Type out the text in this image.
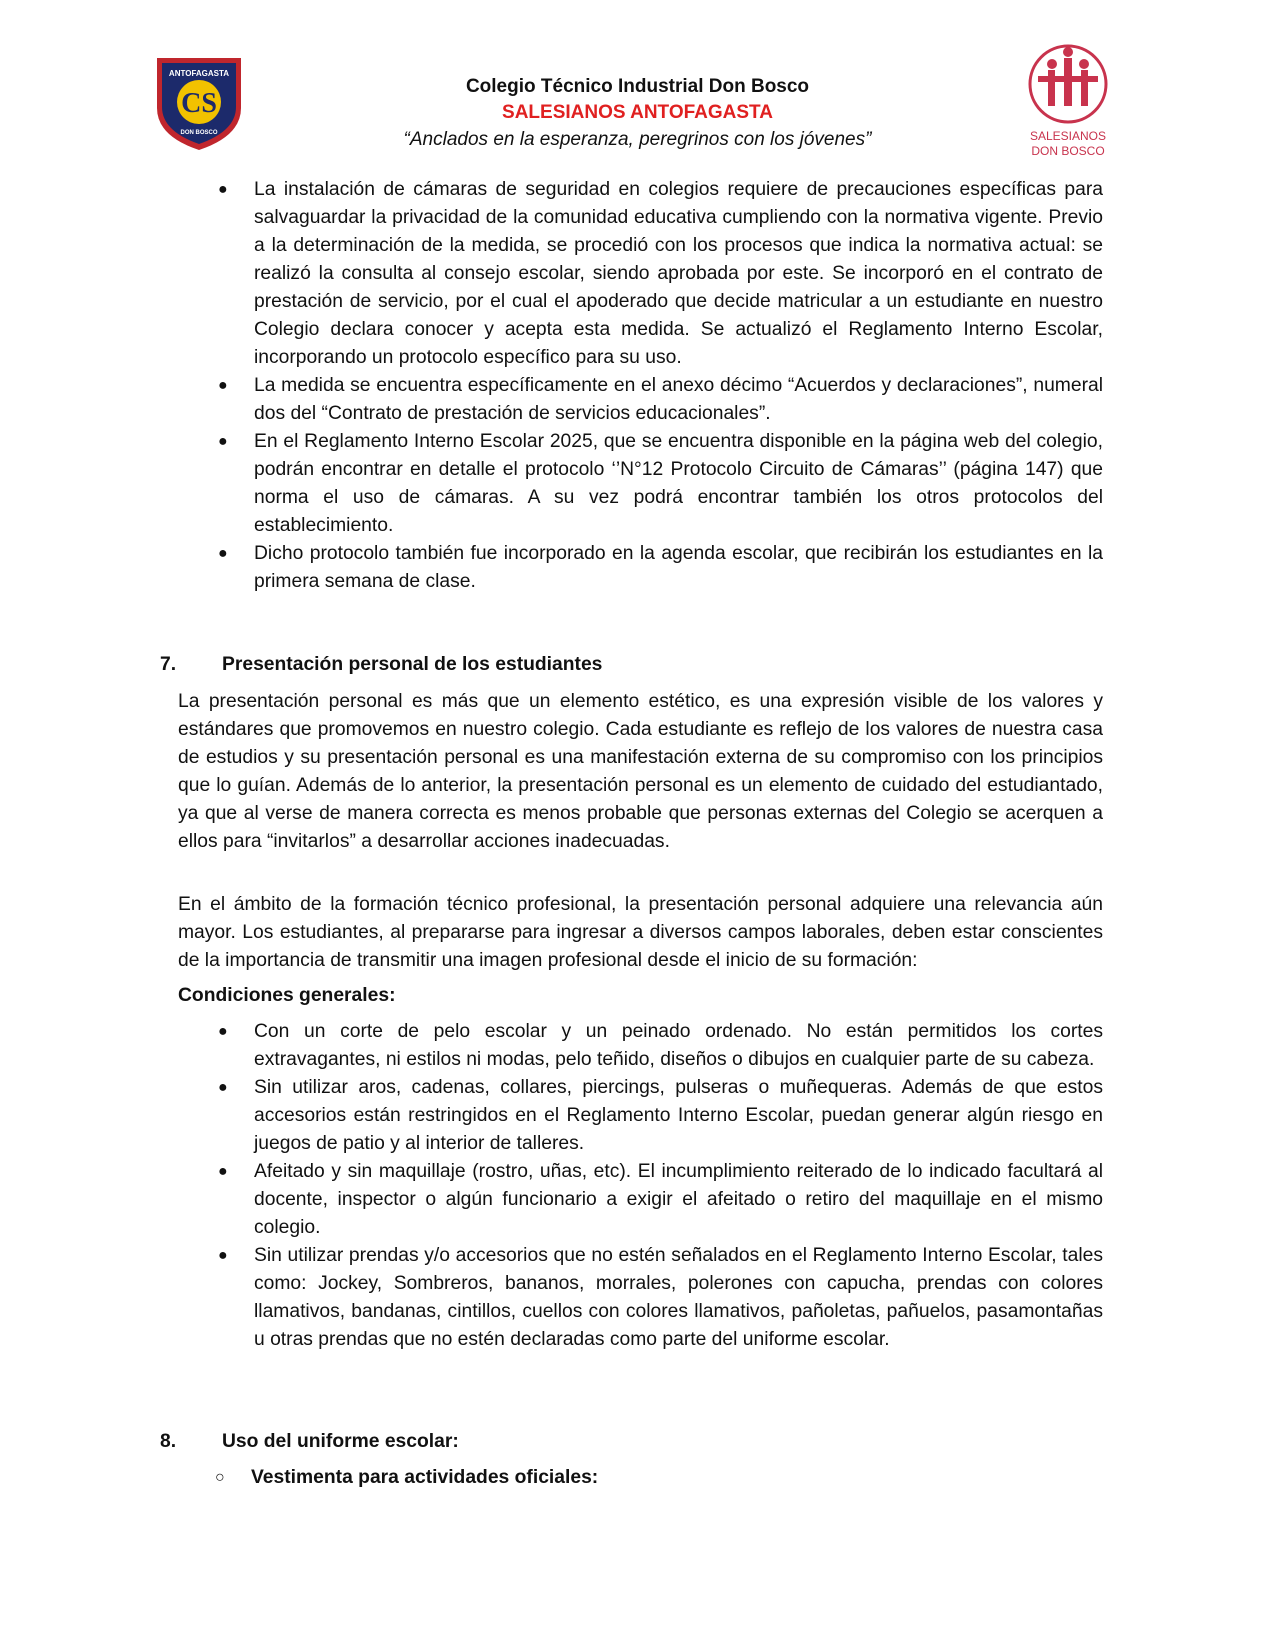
ANTOFAGASTA
CS
DON BOSCO
Colegio Técnico Industrial Don Bosco
SALESIANOS ANTOFAGASTA
“Anclados en la esperanza, peregrinos con los jóvenes”	SALESIANOS
DON BOSCO
●	La instalación de cámaras de seguridad en colegios requiere de precauciones específicas para salvaguardar la privacidad de la comunidad educativa cumpliendo con la normativa vigente. Previo a la determinación de la medida, se procedió con los procesos que indica la normativa actual: se realizó la consulta al consejo escolar, siendo aprobada por este. Se incorporó en el contrato de prestación de servicio, por el cual el apoderado que decide matricular a un estudiante en nuestro Colegio declara conocer y acepta esta medida. Se actualizó el Reglamento Interno Escolar, incorporando un protocolo específico para su uso.
●	La medida se encuentra específicamente en el anexo décimo “Acuerdos y declaraciones”, numeral dos del “Contrato de prestación de servicios educacionales”.
●	En el Reglamento Interno Escolar 2025, que se encuentra disponible en la página web del colegio, podrán encontrar en detalle el protocolo ‘’N°12 Protocolo Circuito de Cámaras’’ (página 147) que norma el uso de cámaras. A su vez podrá encontrar también los otros protocolos del establecimiento.
●	Dicho protocolo también fue incorporado en la agenda escolar, que recibirán los estudiantes en la primera semana de clase.
7. Presentación personal de los estudiantes
La presentación personal es más que un elemento estético, es una expresión visible de los valores y estándares que promovemos en nuestro colegio. Cada estudiante es reflejo de los valores de nuestra casa de estudios y su presentación personal es una manifestación externa de su compromiso con los principios que lo guían. Además de lo anterior, la presentación personal es un elemento de cuidado del estudiantado, ya que al verse de manera correcta es menos probable que personas externas del Colegio se acerquen a ellos para “invitarlos” a desarrollar acciones inadecuadas.
En el ámbito de la formación técnico profesional, la presentación personal adquiere una relevancia aún mayor. Los estudiantes, al prepararse para ingresar a diversos campos laborales, deben estar conscientes de la importancia de transmitir una imagen profesional desde el inicio de su formación:
Condiciones generales:
●	Con un corte de pelo escolar y un peinado ordenado. No están permitidos los cortes extravagantes, ni estilos ni modas, pelo teñido, diseños o dibujos en cualquier parte de su cabeza.
●	Sin utilizar aros, cadenas, collares, piercings, pulseras o muñequeras. Además de que estos accesorios están restringidos en el Reglamento Interno Escolar, puedan generar algún riesgo en juegos de patio y al interior de talleres.
●	Afeitado y sin maquillaje (rostro, uñas, etc). El incumplimiento reiterado de lo indicado facultará al docente, inspector o algún funcionario a exigir el afeitado o retiro del maquillaje en el mismo colegio.
●	Sin utilizar prendas y/o accesorios que no estén señalados en el Reglamento Interno Escolar, tales como: Jockey, Sombreros, bananos, morrales, polerones con capucha, prendas con colores llamativos, bandanas, cintillos, cuellos con colores llamativos, pañoletas, pañuelos, pasamontañas u otras prendas que no estén declaradas como parte del uniforme escolar.
8. Uso del uniforme escolar:
○ Vestimenta para actividades oficiales:
